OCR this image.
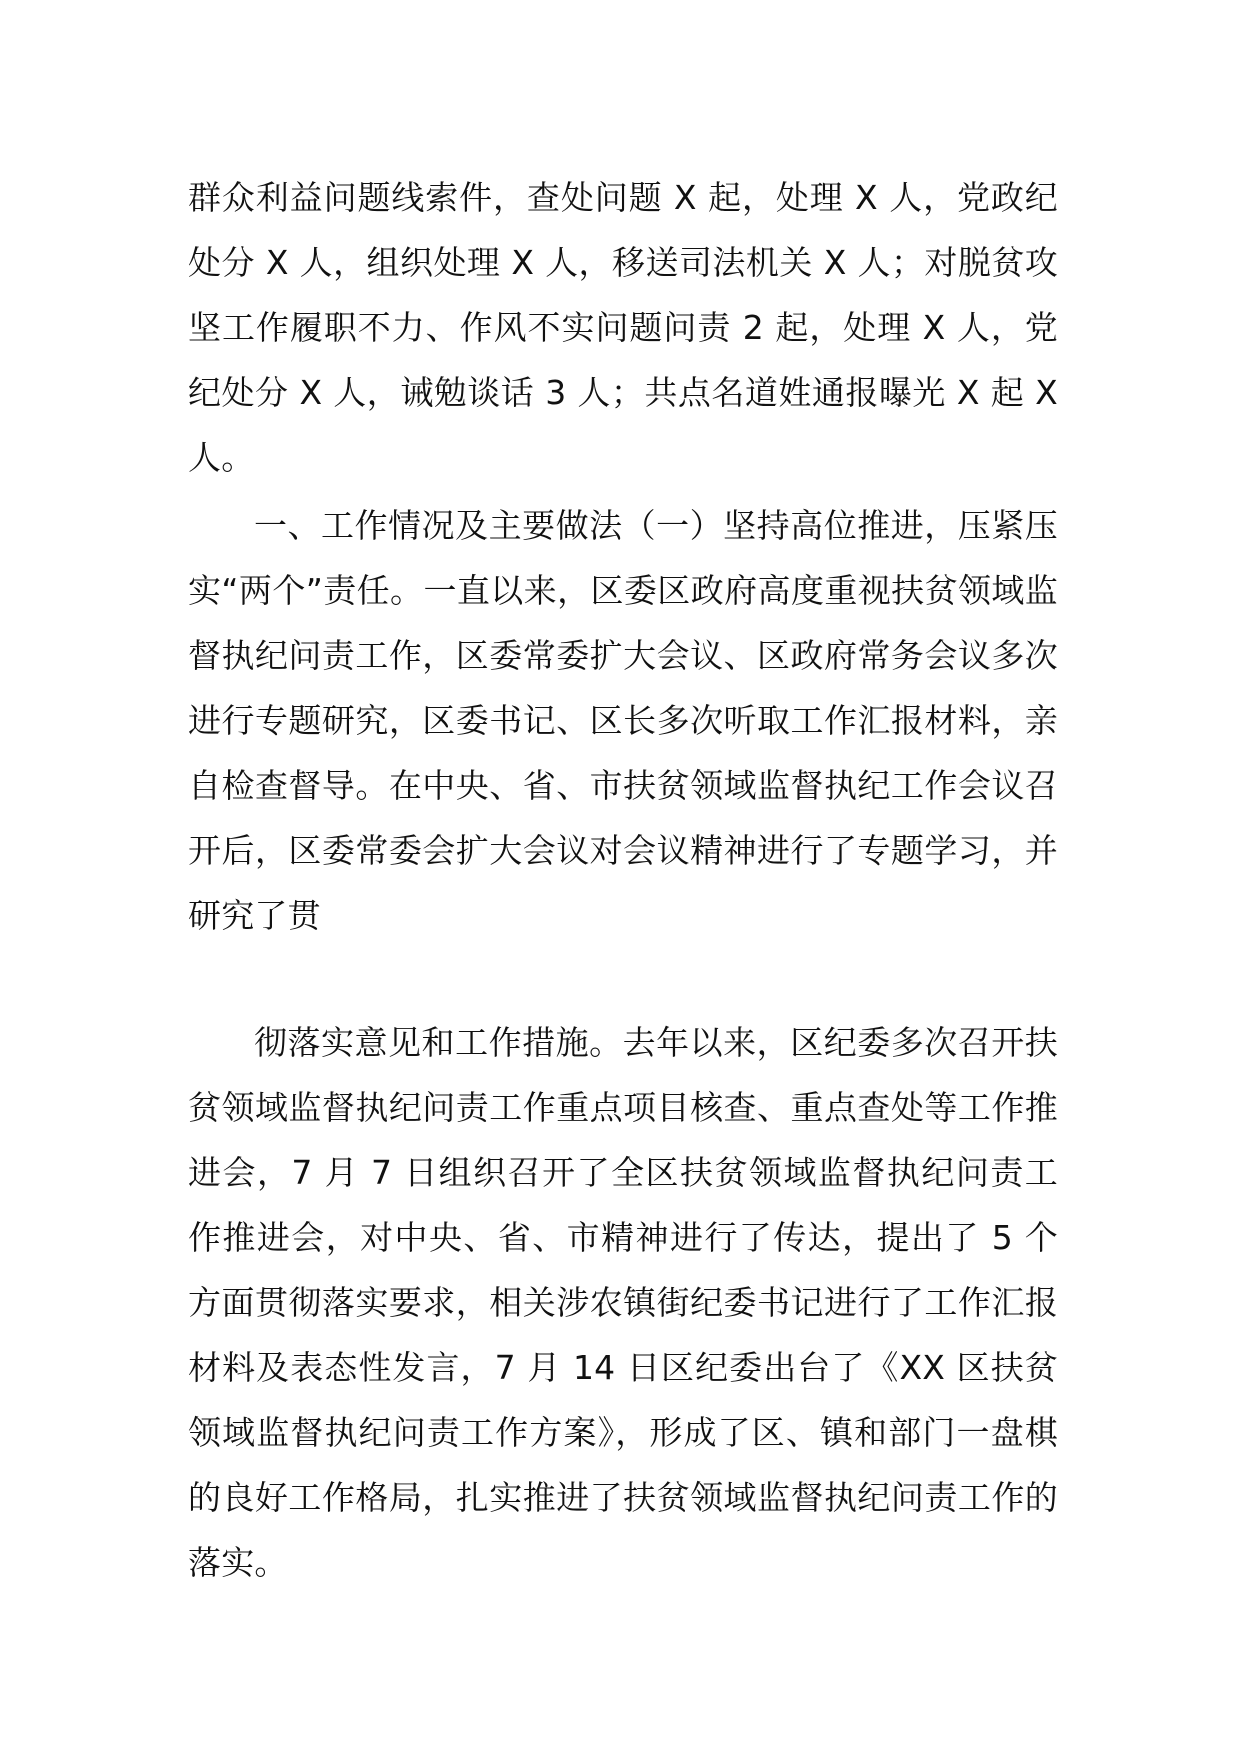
群众利益问题线索件，查处问题 X 起，处理 X 人，党政纪处分 X 人，组织处理 X 人，移送司法机关 X 人；对脱贫攻坚工作履职不力、作风不实问题问责 2 起，处理 X 人，党纪处分 X 人，诫勉谈话 3 人；共点名道姓通报曝光 X 起 X 人。

一、工作情况及主要做法（一）坚持高位推进，压紧压实“两个”责任。一直以来，区委区政府高度重视扶贫领域监督执纪问责工作，区委常委扩大会议、区政府常务会议多次进行专题研究，区委书记、区长多次听取工作汇报材料，亲自检查督导。在中央、省、市扶贫领域监督执纪工作会议召开后，区委常委会扩大会议对会议精神进行了专题学习，并研究了贯

彻落实意见和工作措施。去年以来，区纪委多次召开扶贫领域监督执纪问责工作重点项目核查、重点查处等工作推进会，7 月 7 日组织召开了全区扶贫领域监督执纪问责工作推进会，对中央、省、市精神进行了传达，提出了 5 个方面贯彻落实要求，相关涉农镇街纪委书记进行了工作汇报材料及表态性发言，7 月 14 日区纪委出台了《XX 区扶贫领域监督执纪问责工作方案》，形成了区、镇和部门一盘棋的良好工作格局，扎实推进了扶贫领域监督执纪问责工作的落实。
